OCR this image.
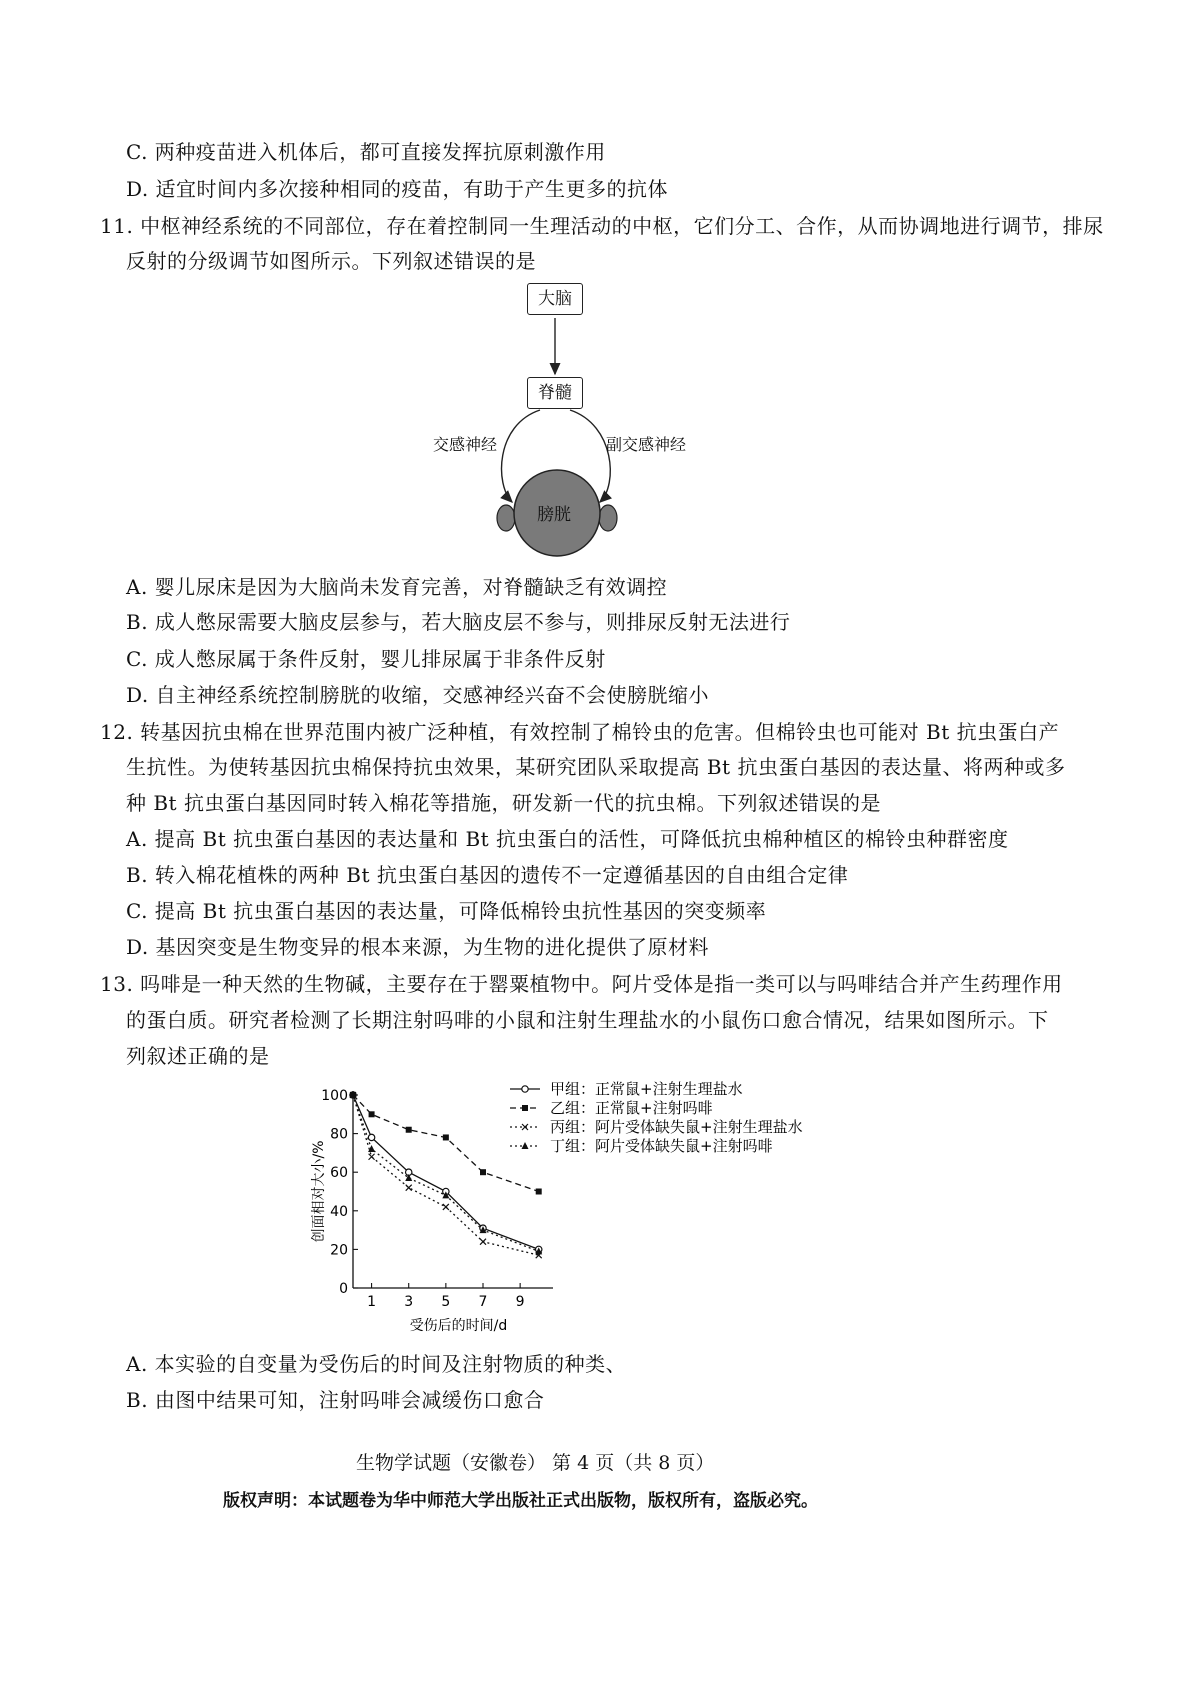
C. 两种疫苗进入机体后，都可直接发挥抗原刺激作用
D. 适宜时间内多次接种相同的疫苗，有助于产生更多的抗体
11. 中枢神经系统的不同部位，存在着控制同一生理活动的中枢，它们分工、合作，从而协调地进行调节，排尿
反射的分级调节如图所示。下列叙述错误的是
大脑
脊髓
交感神经	副交感神经
膀胱
A. 婴儿尿床是因为大脑尚未发育完善，对脊髓缺乏有效调控
B. 成人憋尿需要大脑皮层参与，若大脑皮层不参与，则排尿反射无法进行
C. 成人憋尿属于条件反射，婴儿排尿属于非条件反射
D. 自主神经系统控制膀胱的收缩，交感神经兴奋不会使膀胱缩小
12. 转基因抗虫棉在世界范围内被广泛种植，有效控制了棉铃虫的危害。但棉铃虫也可能对 Bt 抗虫蛋白产
生抗性。为使转基因抗虫棉保持抗虫效果，某研究团队采取提高 Bt 抗虫蛋白基因的表达量、将两种或多
种 Bt 抗虫蛋白基因同时转入棉花等措施，研发新一代的抗虫棉。下列叙述错误的是
A. 提高 Bt 抗虫蛋白基因的表达量和 Bt 抗虫蛋白的活性，可降低抗虫棉种植区的棉铃虫种群密度
B. 转入棉花植株的两种 Bt 抗虫蛋白基因的遗传不一定遵循基因的自由组合定律
C. 提高 Bt 抗虫蛋白基因的表达量，可降低棉铃虫抗性基因的突变频率
D. 基因突变是生物变异的根本来源，为生物的进化提供了原材料
13. 吗啡是一种天然的生物碱，主要存在于罂粟植物中。阿片受体是指一类可以与吗啡结合并产生药理作用
的蛋白质。研究者检测了长期注射吗啡的小鼠和注射生理盐水的小鼠伤口愈合情况，结果如图所示。下
列叙述正确的是
0
20
40
60
80
100
1 3 5 7 9
受伤后的时间/d
创面相对大小/%
甲组：正常鼠+注射生理盐水
乙组：正常鼠+注射吗啡
丙组：阿片受体缺失鼠+注射生理盐水
丁组：阿片受体缺失鼠+注射吗啡
A. 本实验的自变量为受伤后的时间及注射物质的种类、
B. 由图中结果可知，注射吗啡会减缓伤口愈合
生物学试题（安徽卷） 第 4 页（共 8 页）
版权声明：本试题卷为华中师范大学出版社正式出版物，版权所有，盗版必究。
